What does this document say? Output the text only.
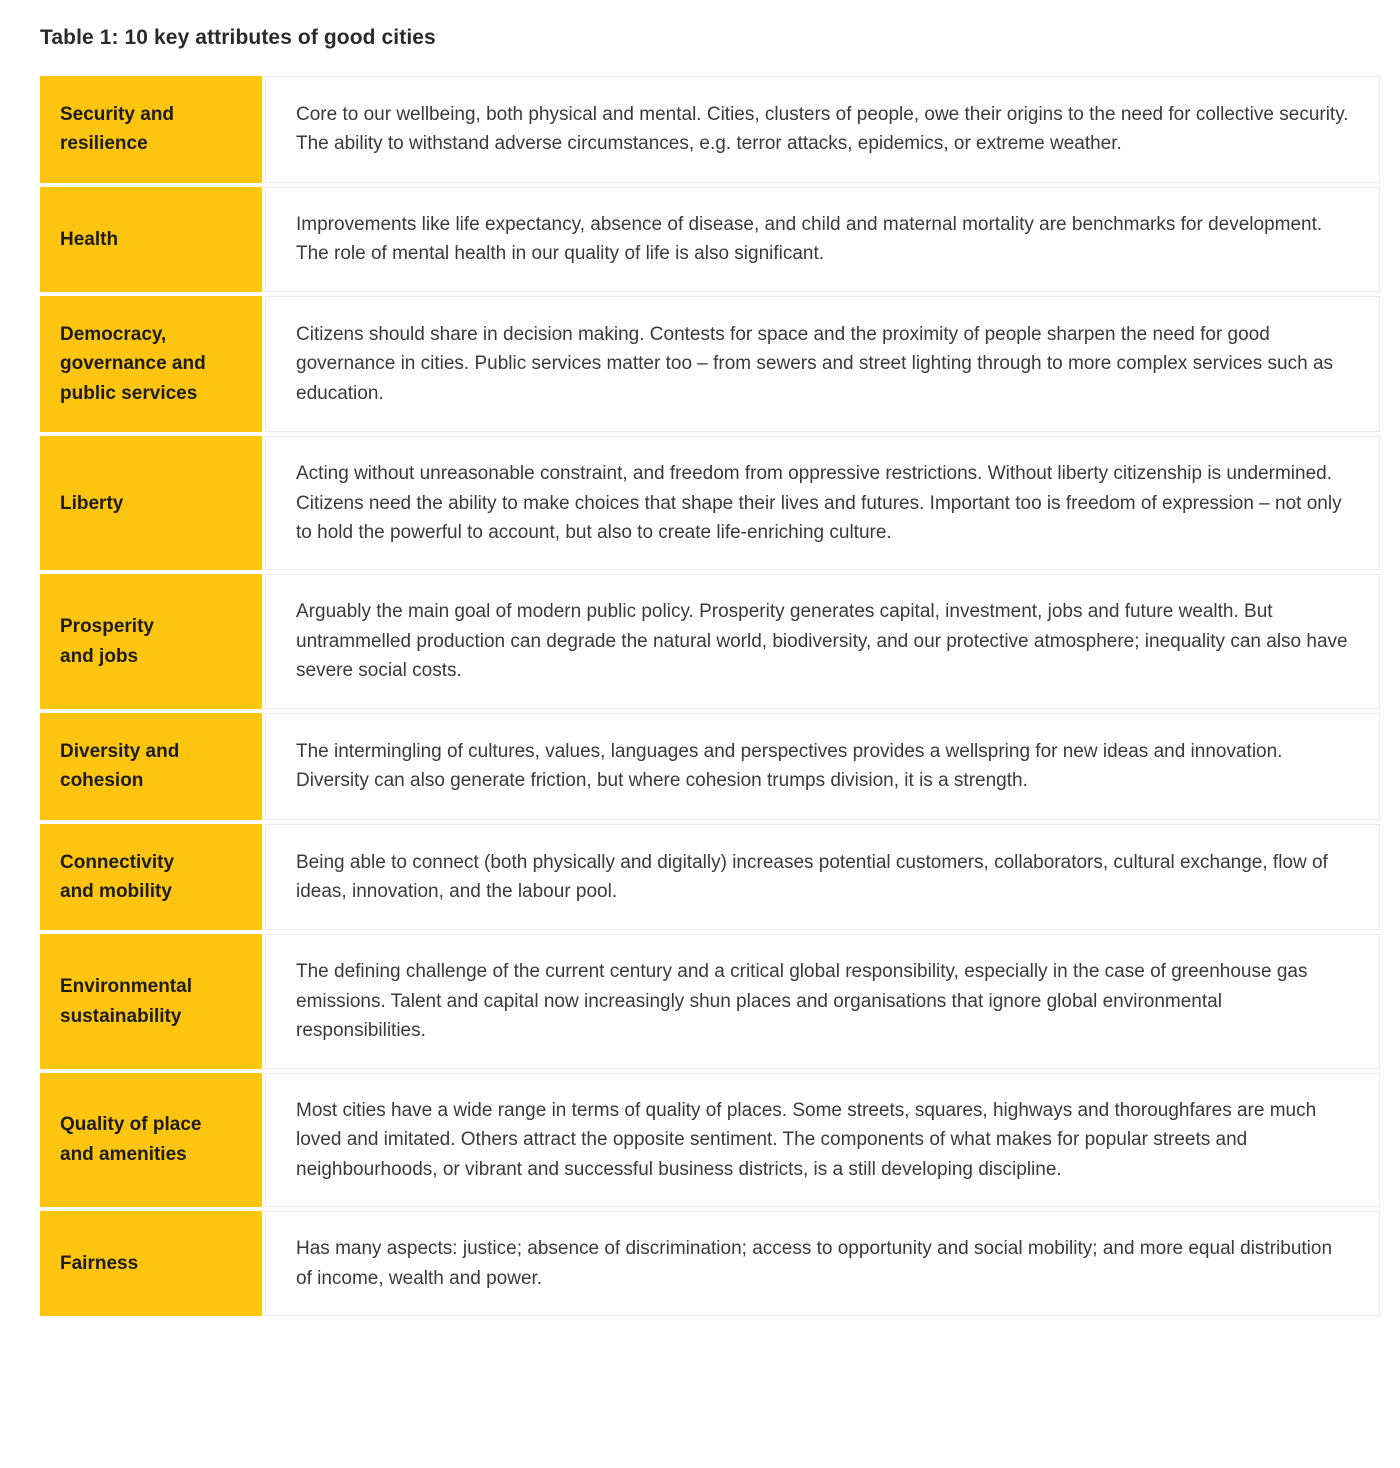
Table 1: 10 key attributes of good cities
Security and
resilience
Core to our wellbeing, both physical and mental. Cities, clusters of people, owe their origins to the need for collective security. The ability to withstand adverse circumstances, e.g. terror attacks, epidemics, or extreme weather.
Health
Improvements like life expectancy, absence of disease, and child and maternal mortality are benchmarks for development. The role of mental health in our quality of life is also significant.
Democracy,
governance and
public services
Citizens should share in decision making. Contests for space and the proximity of people sharpen the need for good governance in cities. Public services matter too – from sewers and street lighting through to more complex services such as education.
Liberty
Acting without unreasonable constraint, and freedom from oppressive restrictions. Without liberty citizenship is undermined. Citizens need the ability to make choices that shape their lives and futures. Important too is freedom of expression – not only to hold the powerful to account, but also to create life-enriching culture.
Prosperity
and jobs
Arguably the main goal of modern public policy. Prosperity generates capital, investment, jobs and future wealth. But untrammelled production can degrade the natural world, biodiversity, and our protective atmosphere; inequality can also have severe social costs.
Diversity and
cohesion
The intermingling of cultures, values, languages and perspectives provides a wellspring for new ideas and innovation. Diversity can also generate friction, but where cohesion trumps division, it is a strength.
Connectivity
and mobility
Being able to connect (both physically and digitally) increases potential customers, collaborators, cultural exchange, flow of ideas, innovation, and the labour pool.
Environmental
sustainability
The defining challenge of the current century and a critical global responsibility, especially in the case of greenhouse gas emissions. Talent and capital now increasingly shun places and organisations that ignore global environmental responsibilities.
Quality of place
and amenities
Most cities have a wide range in terms of quality of places. Some streets, squares, highways and thoroughfares are much loved and imitated. Others attract the opposite sentiment. The components of what makes for popular streets and neighbourhoods, or vibrant and successful business districts, is a still developing discipline.
Fairness
Has many aspects: justice; absence of discrimination; access to opportunity and social mobility; and more equal distribution of income, wealth and power.
